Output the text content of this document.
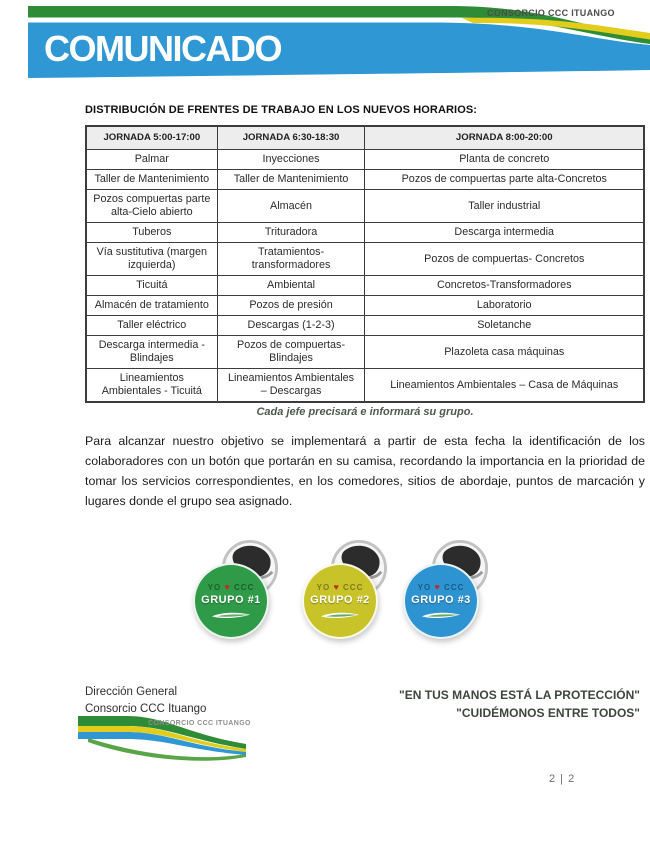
COMUNICADO
CONSORCIO CCC ITUANGO
DISTRIBUCIÓN DE FRENTES DE TRABAJO EN LOS NUEVOS HORARIOS:
JORNADA 5:00-17:00	JORNADA 6:30-18:30	JORNADA 8:00-20:00
Palmar	Inyecciones	Planta de concreto
Taller de Mantenimiento	Taller de Mantenimiento	Pozos de compuertas parte alta-Concretos
Pozos compuertas parte alta-Cielo abierto	Almacén	Taller industrial
Tuberos	Trituradora	Descarga intermedia
Vía sustitutiva (margen izquierda)	Tratamientos-transformadores	Pozos de compuertas- Concretos
Ticuitá	Ambiental	Concretos-Transformadores
Almacén de tratamiento	Pozos de presión	Laboratorio
Taller eléctrico	Descargas (1-2-3)	Soletanche
Descarga intermedia - Blindajes	Pozos de compuertas- Blindajes	Plazoleta casa máquinas
Lineamientos Ambientales - Ticuitá	Lineamientos Ambientales – Descargas	Lineamientos Ambientales – Casa de Máquinas
Cada jefe precisará e informará su grupo.
Para alcanzar nuestro objetivo se implementará a partir de esta fecha la identificación de los colaboradores con un botón que portarán en su camisa, recordando la importancia en la prioridad de tomar los servicios correspondientes, en los comedores, sitios de abordaje, puntos de marcación y lugares donde el grupo sea asignado.
YO ♥ CCC
GRUPO #1
YO ♥ CCC
GRUPO #2
YO ♥ CCC
GRUPO #3
Dirección General
Consorcio CCC Ituango
CONSORCIO CCC ITUANGO
"EN TUS MANOS ESTÁ LA PROTECCIÓN"
"CUIDÉMONOS ENTRE TODOS"
2 | 2
